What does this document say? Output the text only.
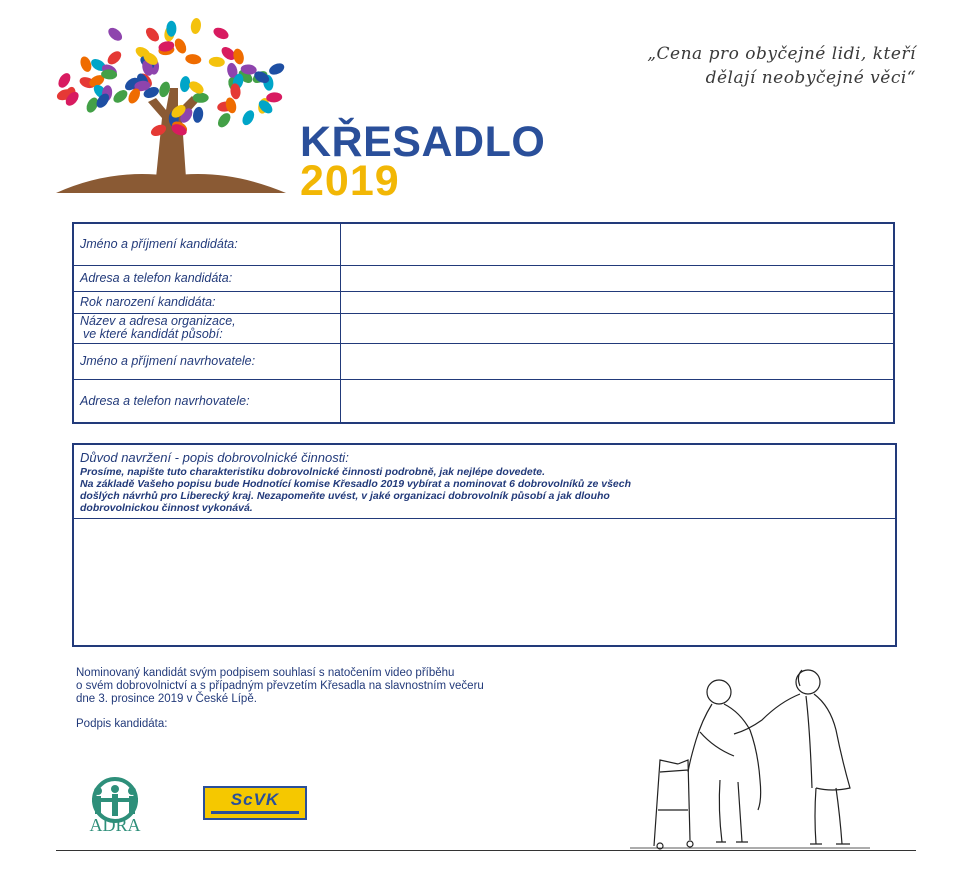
„Cena pro obyčejné lidi, kteří
dělají neobyčejné věci“
KŘESADLO
2019
Jméno a příjmení kandidáta:	
Adresa a telefon kandidáta:	
Rok narození kandidáta:	

Název a adresa organizace,
ve které kandidát působí:	

Jméno a příjmení navrhovatele:	
Adresa a telefon navrhovatele:	
Důvod navržení - popis dobrovolnické činnosti:
Prosíme, napište tuto charakteristiku dobrovolnické činnosti podrobně, jak nejlépe dovedete.
Na základě Vašeho popisu bude Hodnotící komise Křesadlo 2019 vybírat a nominovat 6 dobrovolníků ze všech
došlých návrhů pro Liberecký kraj. Nezapomeňte uvést, v jaké organizaci dobrovolník působí a jak dlouho
dobrovolnickou činnost vykonává.
Nominovaný kandidát svým podpisem souhlasí s natočením video příběhu
o svém dobrovolnictví a s případným převzetím Křesadla na slavnostním večeru
dne 3. prosince 2019 v České Lípě.
Podpis kandidáta:
ADRA
ScVK
